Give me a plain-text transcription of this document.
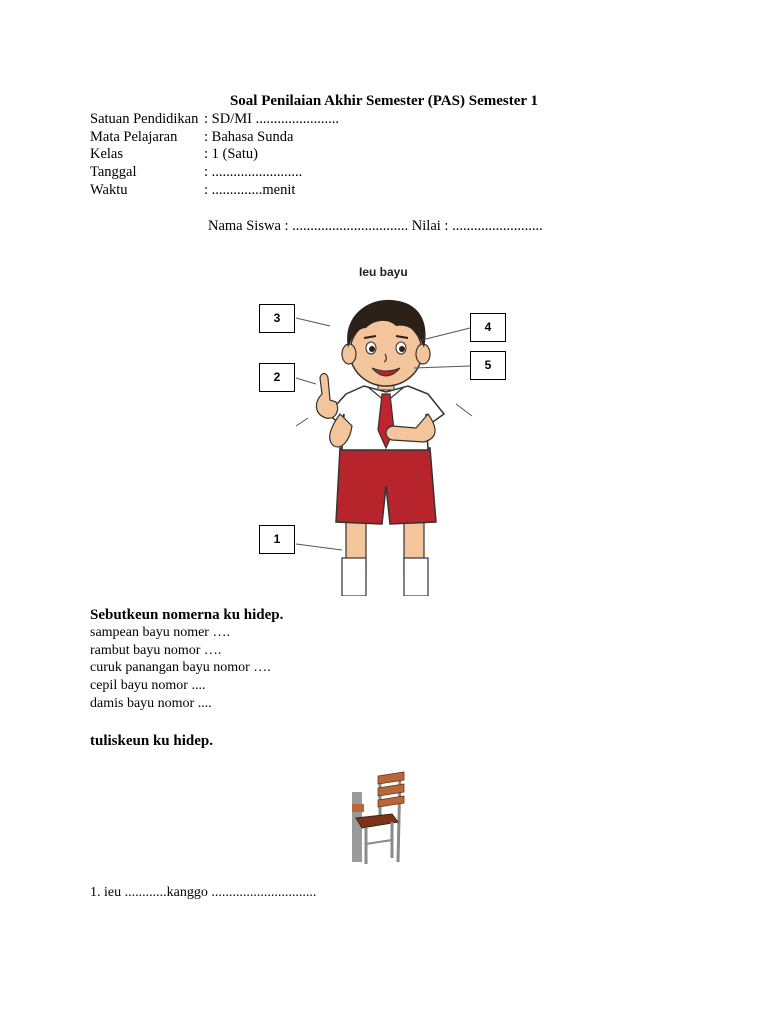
Soal Penilaian Akhir Semester (PAS) Semester 1
Satuan Pendidikan : SD/MI .......................
Mata Pelajaran : Bahasa Sunda
Kelas	: 1 (Satu)
Tanggal	: .........................
Waktu	: ..............menit
Nama Siswa : ................................ Nilai : .........................
Ieu bayu
3
4
5
2
1
Sebutkeun nomerna ku hidep.
sampean bayu nomer ….
rambut bayu nomor ….
curuk panangan bayu nomor ….
cepil bayu nomor ....
damis bayu nomor ....
tuliskeun ku hidep.
1. ieu ............kanggo ..............................
